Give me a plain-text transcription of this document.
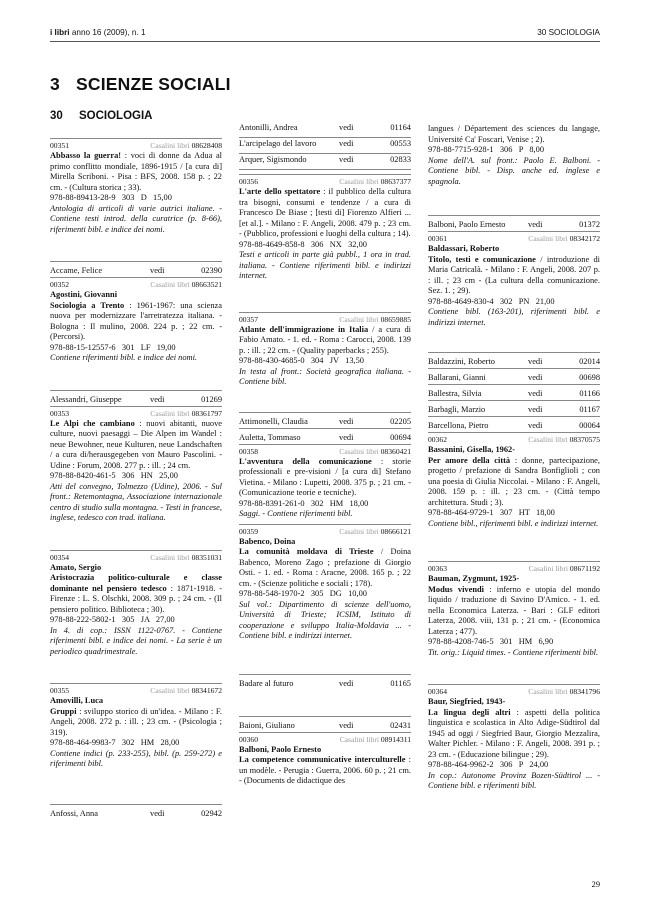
i libri anno 16 (2009), n. 1	30 SOCIOLOGIA
3 SCIENZE SOCIALI
30 SOCIOLOGIA
00351	Casalini libri 08628408
Abbasso la guerra! : voci di donne da Adua al primo conflitto mondiale, 1896-1915 / [a cura di] Mirella Scriboni. - Pisa : BFS, 2008. 158 p. ; 22 cm. - (Cultura storica ; 33).
978-88-89413-28-9   303   D   15,00
Antologia di articoli di varie autrici italiane. - Contiene testi introd. della curatrice (p. 8-66), riferimenti bibl. e indice dei nomi.
Accame, Felice	vedi	02390
00352	Casalini libri 08663521
Agostini, Giovanni
Sociologia a Trento : 1961-1967: una scienza nuova per modernizzare l'arretratezza italiana. - Bologna : Il mulino, 2008. 224 p. ; 22 cm. - (Percorsi).
978-88-15-12557-6   301   LF   19,00
Contiene riferimenti bibl. e indice dei nomi.
Alessandri, Giuseppe	vedi	01269
00353	Casalini libri 08361797
Le Alpi che cambiano : nuovi abitanti, nuove culture, nuovi paesaggi – Die Alpen im Wandel : neue Bewohner, neue Kulturen, neue Landschaften / a cura di/herausgegeben von Mauro Pascolini. - Udine : Forum, 2008. 277 p. : ill. ; 24 cm.
978-88-8420-461-5   306   HN   25,00
Atti del convegno, Tolmezzo (Udine), 2006. - Sul front.: Retemontagna, Associazione internazionale centro di studio sulla montagna. - Testi in francese, inglese, tedesco con trad. italiana.
00354	Casalini libri 08351031
Amato, Sergio
Aristocrazia politico-culturale e classe dominante nel pensiero tedesco : 1871-1918. - Firenze : L. S. Olschki, 2008. 309 p. ; 24 cm. - (Il pensiero politico. Biblioteca ; 30).
978-88-222-5802-1   305   JA   27,00
In 4. di cop.: ISSN 1122-0767. - Contiene riferimenti bibl. e indice dei nomi. - La serie è un periodico quadrimestrale.
00355	Casalini libri 08341672
Amovilli, Luca
Gruppi : sviluppo storico di un'idea. - Milano : F. Angeli, 2008. 272 p. : ill. ; 23 cm. - (Psicologia ; 319).
978-88-464-9983-7   302   HM   28,00
Contiene indici (p. 233-255), bibl. (p. 259-272) e riferimenti bibl.
Anfossi, Anna	vedi	02942
Antonilli, Andrea	vedi	01164
L'arcipelago del lavoro	vedi	00553
Arquer, Sigismondo	vedi	02833
00356	Casalini libri 08637377
L'arte dello spettatore : il pubblico della cultura tra bisogni, consumi e tendenze / a cura di Francesco De Biase ; [testi di] Fiorenzo Alfieri ... [et al.]. - Milano : F. Angeli, 2008. 479 p. ; 23 cm. - (Pubblico, professioni e luoghi della cultura ; 14).
978-88-4649-858-8   306   NX   32,00
Testi e articoli in parte già pubbl., 1 ora in trad. italiana. - Contiene riferimenti bibl. e indirizzi internet.
00357	Casalini libri 08659885
Atlante dell'immigrazione in Italia / a cura di Fabio Amato. - 1. ed. - Roma : Carocci, 2008. 139 p. : ill. ; 22 cm. - (Quality paperbacks ; 255).
978-88-430-4685-0   304   JV   13,50
In testa al front.: Società geografica italiana. - Contiene bibl.
Attimonelli, Claudia	vedi	02205
Auletta, Tommaso	vedi	00694
00358	Casalini libri 08360421
L'avventura della comunicazione : storie professionali e pre-visioni / [a cura di] Stefano Vietina. - Milano : Lupetti, 2008. 375 p. ; 21 cm. - (Comunicazione teorie e tecniche).
978-88-8391-261-0   302   HM   18,00
Saggi. - Contiene riferimenti bibl.
00359	Casalini libri 08666121
Babenco, Doina
La comunità moldava di Trieste / Doina Babenco, Moreno Zago ; prefazione di Giorgio Osti. - 1. ed. - Roma : Aracne, 2008. 165 p. ; 22 cm. - (Scienze politiche e sociali ; 178).
978-88-548-1970-2   305   DG   10,00
Sul vol.: Dipartimento di scienze dell'uomo, Università di Trieste; ICSIM, Istituto di cooperazione e sviluppo Italia-Moldavia ... - Contiene bibl. e indirizzi internet.
Badare al futuro	vedi	01165
Baioni, Giuliano	vedi	02431
00360	Casalini libri 08914311
Balboni, Paolo Ernesto
La competence communicative interculturelle : un modèle. - Perugia : Guerra, 2006. 60 p. ; 21 cm. - (Documents de didactique des
langues / Département des sciences du langage, Université Ca' Foscari, Venise ; 2).
978-88-7715-928-1   306   P   8,00
Nome dell'A. sul front.: Paolo E. Balboni. - Contiene bibl. - Disp. anche ed. inglese e spagnola.
Balboni, Paolo Ernesto	vedi	01372
00361	Casalini libri 08342172
Baldassari, Roberto
Titolo, testi e comunicazione / introduzione di Maria Catricalà. - Milano : F. Angeli, 2008. 207 p. : ill. ; 23 cm - (La cultura della comunicazione. Sez. 1. ; 29).
978-88-4649-830-4   302   PN   21,00
Contiene bibl. (163-201), riferimenti bibl. e indirizzi internet.
Baldazzini, Roberto	vedi	02014
Ballarani, Gianni	vedi	00698
Ballestra, Silvia	vedi	01166
Barbagli, Marzio	vedi	01167
Barcellona, Pietro	vedi	00064
00362	Casalini libri 08370575
Bassanini, Gisella, 1962-
Per amore della città : donne, partecipazione, progetto / prefazione di Sandra Bonfiglioli ; con una poesia di Giulia Niccolai. - Milano : F. Angeli, 2008. 159 p. : ill. ; 23 cm. - (Città tempo architettura. Studi ; 3).
978-88-464-9729-1   307   HT   18,00
Contiene bibl., riferimenti bibl. e indirizzi internet.
00363	Casalini libri 08671192
Bauman, Zygmunt, 1925-
Modus vivendi : inferno e utopia del mondo liquido / traduzione di Savino D'Amico. - 1. ed. nella Economica Laterza. - Bari : GLF editori Laterza, 2008. viii, 131 p. ; 21 cm. - (Economica Laterza ; 477).
978-88-4208-746-5   301   HM   6,90
Tit. orig.: Liquid times. - Contiene riferimenti bibl.
00364	Casalini libri 08341796
Baur, Siegfried, 1943-
La lingua degli altri : aspetti della politica linguistica e scolastica in Alto Adige-Südtirol dal 1945 ad oggi / Siegfried Baur, Giorgio Mezzalira, Walter Pichler. - Milano : F. Angeli, 2008. 391 p. ; 23 cm. - (Educazione bilingue ; 29).
978-88-464-9962-2   306   P   24,00
In cop.: Autonome Provinz Bozen-Südtirol ... - Contiene bibl. e riferimenti bibl.
29
